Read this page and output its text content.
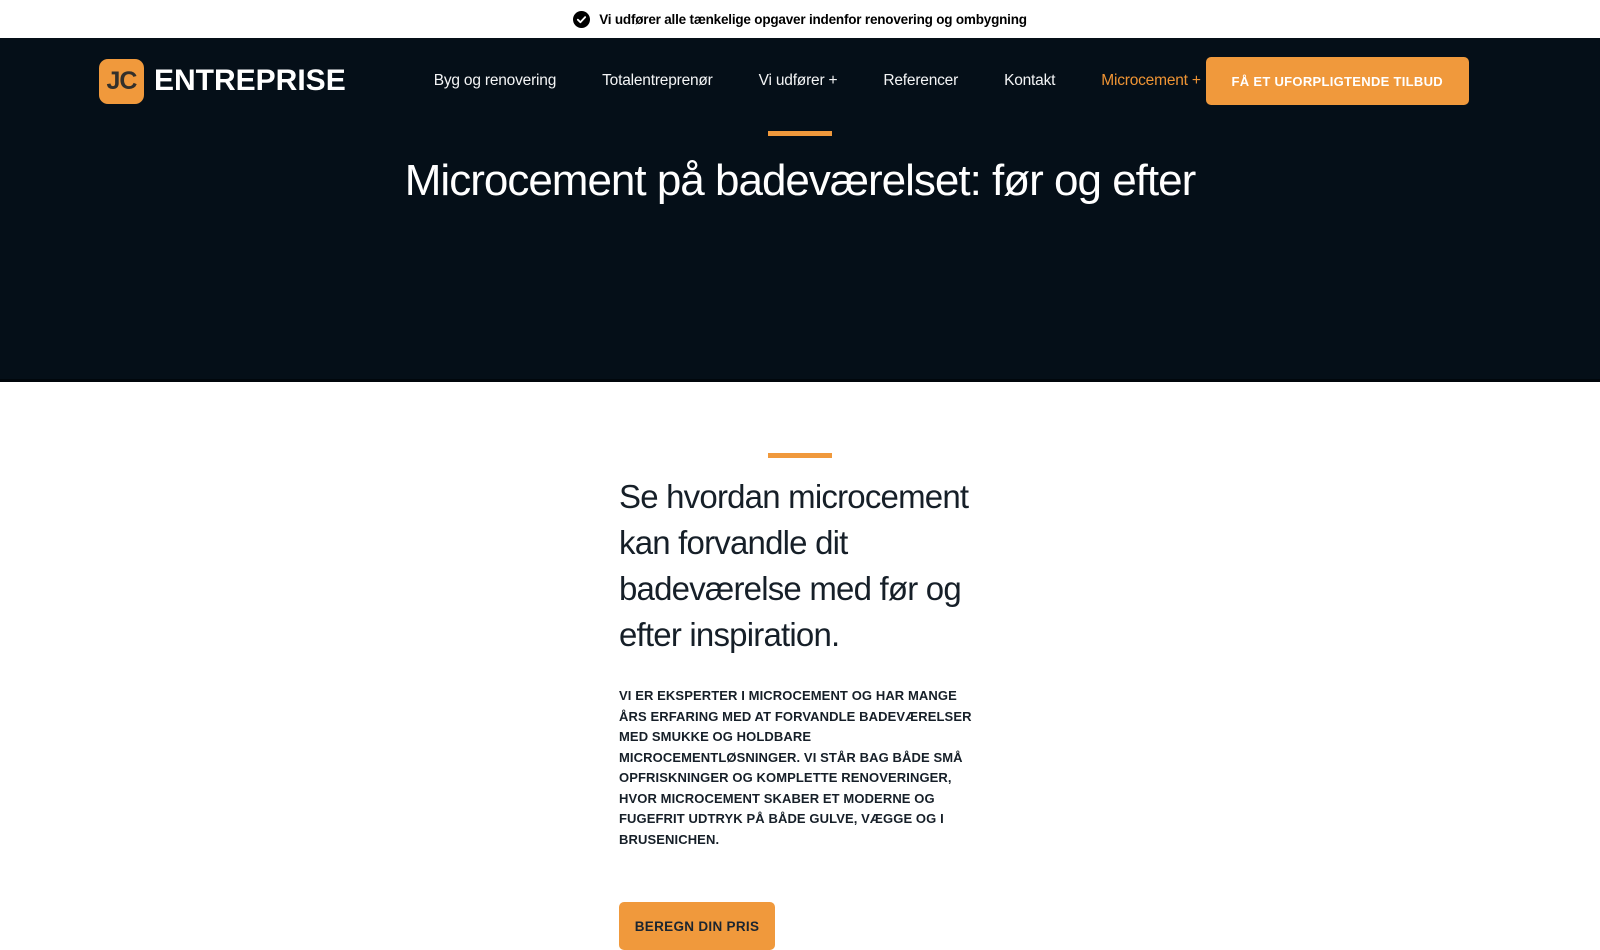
Vi udfører alle tænkelige opgaver indenfor renovering og ombygning
JC ENTREPRISE	Byg og renovering	Totalentreprenør	Vi udfører +	Referencer	Kontakt	Microcement +	FÅ ET UFORPLIGTENDE TILBUD
Microcement på badeværelset: før og efter
Se hvordan microcement kan forvandle dit badeværelse med før og efter inspiration.

VI ER EKSPERTER I MICROCEMENT OG HAR MANGE ÅRS ERFARING MED AT FORVANDLE BADEVÆRELSER MED SMUKKE OG HOLDBARE MICROCEMENTLØSNINGER. VI STÅR BAG BÅDE SMÅ OPFRISKNINGER OG KOMPLETTE RENOVERINGER, HVOR MICROCEMENT SKABER ET MODERNE OG FUGEFRIT UDTRYK PÅ BÅDE GULVE, VÆGGE OG I BRUSENICHEN.

BEREGN DIN PRIS
